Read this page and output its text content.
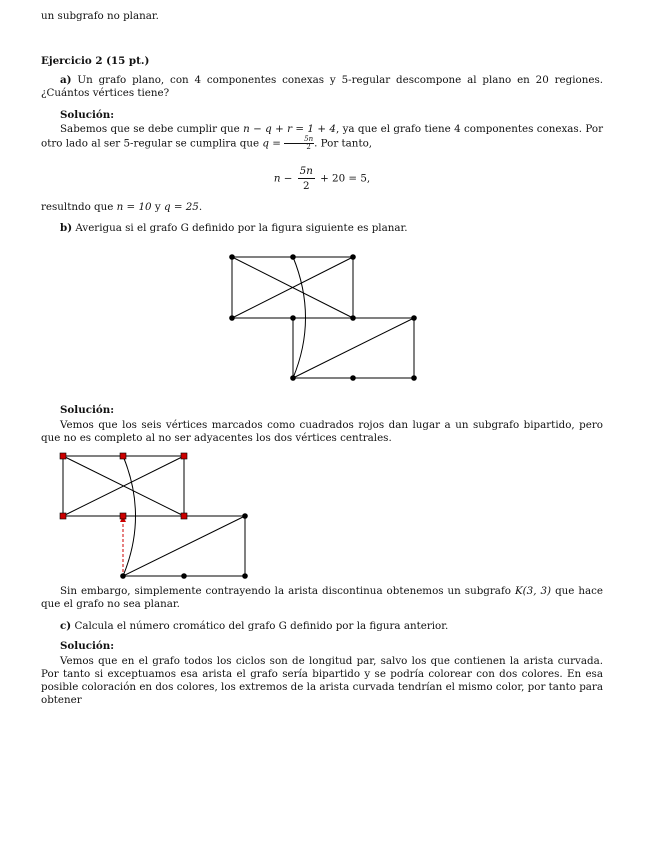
un subgrafo no planar.
Ejercicio 2 (15 pt.)
a) Un grafo plano, con 4 componentes conexas y 5-regular descompone al plano en 20 regiones. ¿Cuántos vértices tiene?
Solución:
Sabemos que se debe cumplir que n − q + r = 1 + 4, ya que el grafo tiene 4 componentes conexas. Por otro lado al ser 5-regular se cumplira que $q = \frac{5n}{2}$ . Por tanto,
$n - \frac{5n}{2} + 20 = 5$,
resultndo que n = 10 y q = 25.
b) Averigua si el grafo G definido por la figura siguiente es planar.
Solución:
Vemos que los seis vértices marcados como cuadrados rojos dan lugar a un subgrafo bipartido, pero que no es completo al no ser adyacentes los dos vértices centrales.
Sin embargo, simplemente contrayendo la arista discontinua obtenemos un subgrafo K(3, 3) que hace que el grafo no sea planar.
c) Calcula el número cromático del grafo G definido por la figura anterior.
Solución:
Vemos que en el grafo todos los ciclos son de longitud par, salvo los que contienen la arista curvada. Por tanto si exceptuamos esa arista el grafo sería bipartido y se podría colorear con dos colores. En esa posible coloración en dos colores, los extremos de la arista curvada tendrían el mismo color, por tanto para obtener
